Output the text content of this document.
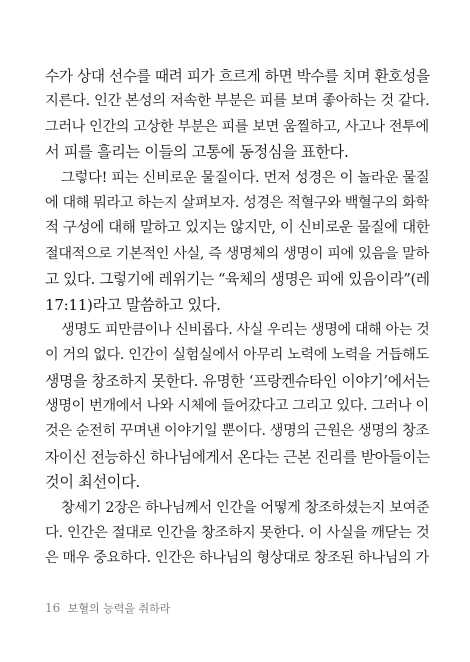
수가 상대 선수를 때려 피가 흐르게 하면 박수를 치며 환호성을
지른다. 인간 본성의 저속한 부분은 피를 보며 좋아하는 것 같다.
그러나 인간의 고상한 부분은 피를 보면 움찔하고, 사고나 전투에
서 피를 흘리는 이들의 고통에 동정심을 표한다.
그렇다! 피는 신비로운 물질이다. 먼저 성경은 이 놀라운 물질
에 대해 뭐라고 하는지 살펴보자. 성경은 적혈구와 백혈구의 화학
적 구성에 대해 말하고 있지는 않지만, 이 신비로운 물질에 대한
절대적으로 기본적인 사실, 즉 생명체의 생명이 피에 있음을 말하
고 있다. 그렇기에 레위기는 “육체의 생명은 피에 있음이라”(레
17:11)라고 말씀하고 있다.
생명도 피만큼이나 신비롭다. 사실 우리는 생명에 대해 아는 것
이 거의 없다. 인간이 실험실에서 아무리 노력에 노력을 거듭해도
생명을 창조하지 못한다. 유명한 ‘프랑켄슈타인 이야기’에서는
생명이 번개에서 나와 시체에 들어갔다고 그리고 있다. 그러나 이
것은 순전히 꾸며낸 이야기일 뿐이다. 생명의 근원은 생명의 창조
자이신 전능하신 하나님에게서 온다는 근본 진리를 받아들이는
것이 최선이다.
창세기 2장은 하나님께서 인간을 어떻게 창조하셨는지 보여준
다. 인간은 절대로 인간을 창조하지 못한다. 이 사실을 깨닫는 것
은 매우 중요하다. 인간은 하나님의 형상대로 창조된 하나님의 가
16 보혈의 능력을 취하라
